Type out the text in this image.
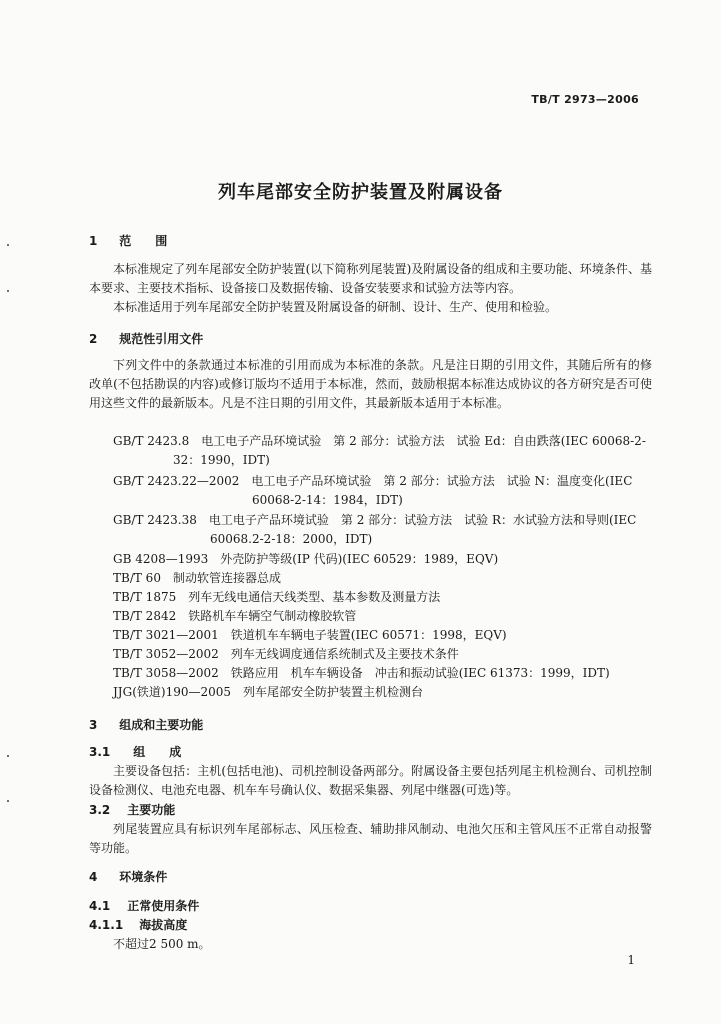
TB/T 2973—2006
列车尾部安全防护装置及附属设备
1 范　　围
本标准规定了列车尾部安全防护装置(以下简称列尾装置)及附属设备的组成和主要功能、环境条件、基本要求、主要技术指标、设备接口及数据传输、设备安装要求和试验方法等内容。
本标准适用于列车尾部安全防护装置及附属设备的研制、设计、生产、使用和检验。
2 规范性引用文件
下列文件中的条款通过本标准的引用而成为本标准的条款。凡是注日期的引用文件，其随后所有的修改单(不包括勘误的内容)或修订版均不适用于本标准，然而，鼓励根据本标准达成协议的各方研究是否可使用这些文件的最新版本。凡是不注日期的引用文件，其最新版本适用于本标准。
GB/T 2423.8　电工电子产品环境试验　第 2 部分：试验方法　试验 Ed：自由跌落(IEC 60068-2-
32：1990，IDT)
GB/T 2423.22—2002　电工电子产品环境试验　第 2 部分：试验方法　试验 N：温度变化(IEC
60068-2-14：1984，IDT)
GB/T 2423.38　电工电子产品环境试验　第 2 部分：试验方法　试验 R：水试验方法和导则(IEC
60068.2-2-18：2000，IDT)
GB 4208—1993　外壳防护等级(IP 代码)(IEC 60529：1989，EQV)
TB/T 60　制动软管连接器总成
TB/T 1875　列车无线电通信天线类型、基本参数及测量方法
TB/T 2842　铁路机车车辆空气制动橡胶软管
TB/T 3021—2001　铁道机车车辆电子装置(IEC 60571：1998，EQV)
TB/T 3052—2002　列车无线调度通信系统制式及主要技术条件
TB/T 3058—2002　铁路应用　机车车辆设备　冲击和振动试验(IEC 61373：1999，IDT)
JJG(铁道)190—2005　列车尾部安全防护装置主机检测台
3 组成和主要功能
3.1 组　　成
主要设备包括：主机(包括电池)、司机控制设备两部分。附属设备主要包括列尾主机检测台、司机控制设备检测仪、电池充电器、机车车号确认仪、数据采集器、列尾中继器(可选)等。
3.2 主要功能
列尾装置应具有标识列车尾部标志、风压检查、辅助排风制动、电池欠压和主管风压不正常自动报警等功能。
4 环境条件
4.1 正常使用条件
4.1.1 海拔高度
不超过2 500 m。
1
